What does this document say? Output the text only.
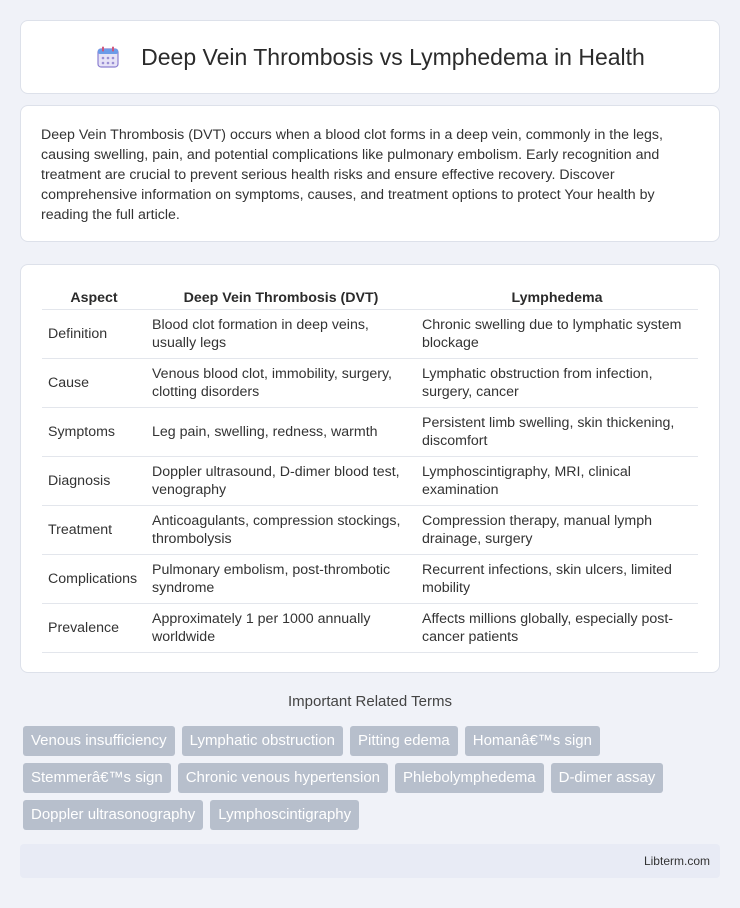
Deep Vein Thrombosis vs Lymphedema in Health

Deep Vein Thrombosis (DVT) occurs when a blood clot forms in a deep vein, commonly in the legs, causing swelling, pain, and potential complications like pulmonary embolism. Early recognition and treatment are crucial to prevent serious health risks and ensure effective recovery. Discover comprehensive information on symptoms, causes, and treatment options to protect Your health by reading the full article.

Aspect	Deep Vein Thrombosis (DVT)	Lymphedema
Definition	Blood clot formation in deep veins, usually legs	Chronic swelling due to lymphatic system blockage
Cause	Venous blood clot, immobility, surgery, clotting disorders	Lymphatic obstruction from infection, surgery, cancer
Symptoms	Leg pain, swelling, redness, warmth	Persistent limb swelling, skin thickening, discomfort
Diagnosis	Doppler ultrasound, D-dimer blood test, venography	Lymphoscintigraphy, MRI, clinical examination
Treatment	Anticoagulants, compression stockings, thrombolysis	Compression therapy, manual lymph drainage, surgery
Complications	Pulmonary embolism, post-thrombotic syndrome	Recurrent infections, skin ulcers, limited mobility
Prevalence	Approximately 1 per 1000 annually worldwide	Affects millions globally, especially post-cancer patients
Important Related Terms
Venous insufficiency	Lymphatic obstruction	Pitting edema	Homanâ€™s sign
Stemmerâ€™s sign	Chronic venous hypertension	Phlebolymphedema	D-dimer assay
Doppler ultrasonography	Lymphoscintigraphy
Libterm.com
